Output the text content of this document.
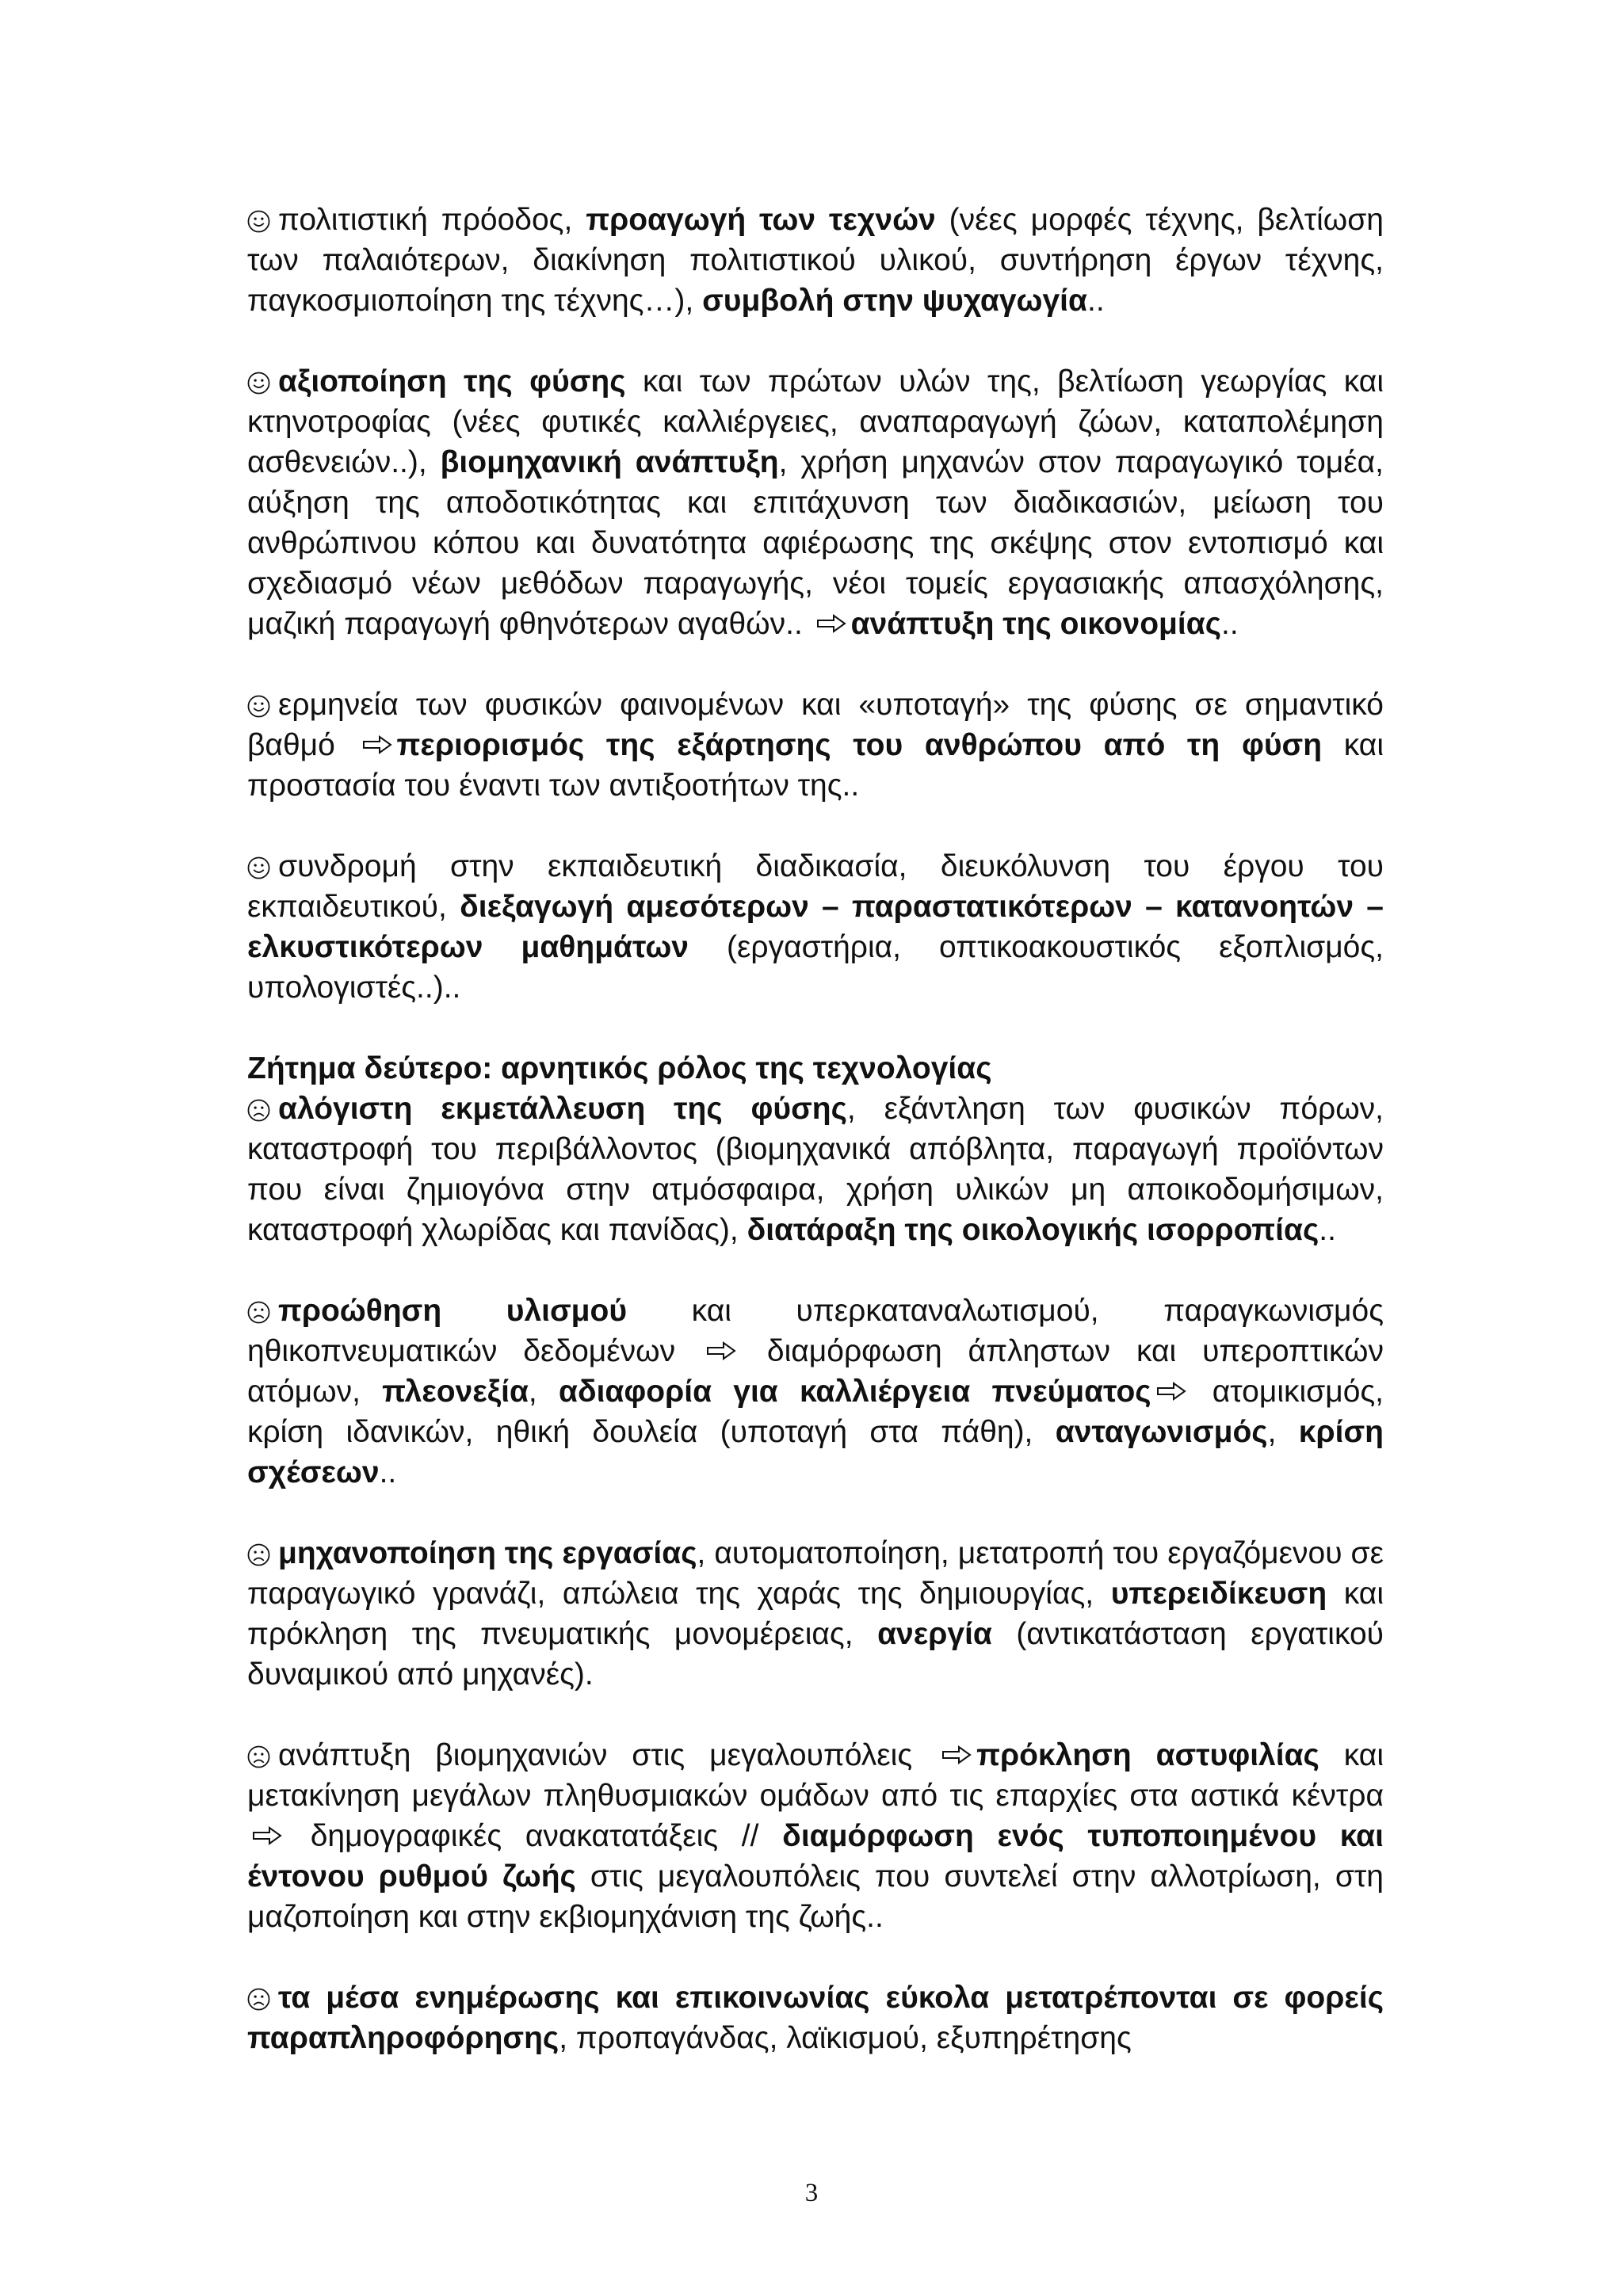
πολιτιστική πρόοδος, προαγωγή των τεχνών (νέες μορφές τέχνης, βελτίωση των παλαιότερων, διακίνηση πολιτιστικού υλικού, συντήρηση έργων τέχνης, παγκοσμιοποίηση της τέχνης…), συμβολή στην ψυχαγωγία..

αξιοποίηση της φύσης και των πρώτων υλών της, βελτίωση γεωργίας και κτηνοτροφίας (νέες φυτικές καλλιέργειες, αναπαραγωγή ζώων, καταπολέμηση ασθενειών..), βιομηχανική ανάπτυξη, χρήση μηχανών στον παραγωγικό τομέα, αύξηση της αποδοτικότητας και επιτάχυνση των διαδικασιών, μείωση του ανθρώπινου κόπου και δυνατότητα αφιέρωσης της σκέψης στον εντοπισμό και σχεδιασμό νέων μεθόδων παραγωγής, νέοι τομείς εργασιακής απασχόλησης, μαζική παραγωγή φθηνότερων αγαθών.. ανάπτυξη της οικονομίας..

ερμηνεία των φυσικών φαινομένων και «υποταγή» της φύσης σε σημαντικό βαθμό περιορισμός της εξάρτησης του ανθρώπου από τη φύση και προστασία του έναντι των αντιξοοτήτων της..

συνδρομή στην εκπαιδευτική διαδικασία, διευκόλυνση του έργου του εκπαιδευτικού, διεξαγωγή αμεσότερων – παραστατικότερων – κατανοητών – ελκυστικότερων μαθημάτων (εργαστήρια, οπτικοακουστικός εξοπλισμός, υπολογιστές..)..

Ζήτημα δεύτερο: αρνητικός ρόλος της τεχνολογίας

αλόγιστη εκμετάλλευση της φύσης, εξάντληση των φυσικών πόρων, καταστροφή του περιβάλλοντος (βιομηχανικά απόβλητα, παραγωγή προϊόντων που είναι ζημιογόνα στην ατμόσφαιρα, χρήση υλικών μη αποικοδομήσιμων, καταστροφή χλωρίδας και πανίδας), διατάραξη της οικολογικής ισορροπίας..

προώθηση υλισμού και υπερκαταναλωτισμού, παραγκωνισμός ηθικοπνευματικών δεδομένων  διαμόρφωση άπληστων και υπεροπτικών ατόμων, πλεονεξία, αδιαφορία για καλλιέργεια πνεύματος ατομικισμός, κρίση ιδανικών, ηθική δουλεία (υποταγή στα πάθη), ανταγωνισμός, κρίση σχέσεων..

μηχανοποίηση της εργασίας, αυτοματοποίηση, μετατροπή του εργαζόμενου σε παραγωγικό γρανάζι, απώλεια της χαράς της δημιουργίας, υπερειδίκευση και πρόκληση της πνευματικής μονομέρειας, ανεργία (αντικατάσταση εργατικού δυναμικού από μηχανές).

ανάπτυξη βιομηχανιών στις μεγαλουπόλεις πρόκληση αστυφιλίας και μετακίνηση μεγάλων πληθυσμιακών ομάδων από τις επαρχίες στα αστικά κέντρα  δημογραφικές ανακατατάξεις // διαμόρφωση ενός τυποποιημένου και έντονου ρυθμού ζωής στις μεγαλουπόλεις που συντελεί στην αλλοτρίωση, στη μαζοποίηση και στην εκβιομηχάνιση της ζωής..

τα μέσα ενημέρωσης και επικοινωνίας εύκολα μετατρέπονται σε φορείς παραπληροφόρησης, προπαγάνδας, λαϊκισμού, εξυπηρέτησης

3
